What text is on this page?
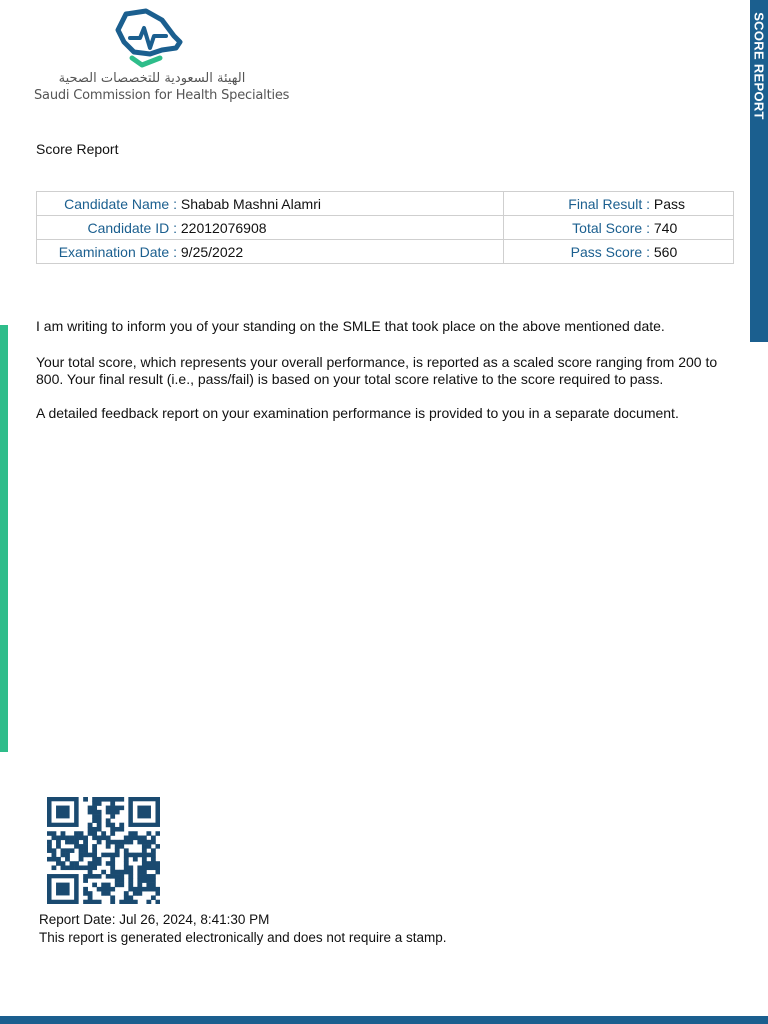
SCORE REPORT
الهيئة السعودية للتخصصات الصحية
Saudi Commission for Health Specialties
Score Report
Candidate Name : Shabab Mashni Alamri	Final Result : Pass
Candidate ID : 22012076908	Total Score : 740
Examination Date : 9/25/2022	Pass Score : 560

I am writing to inform you of your standing on the SMLE that took place on the above mentioned date.

Your total score, which represents your overall performance, is reported as a scaled score ranging from 200 to 800. Your final result (i.e., pass/fail) is based on your total score relative to the score required to pass.

A detailed feedback report on your examination performance is provided to you in a separate document.

Report Date: Jul 26, 2024, 8:41:30 PM
This report is generated electronically and does not require a stamp.
